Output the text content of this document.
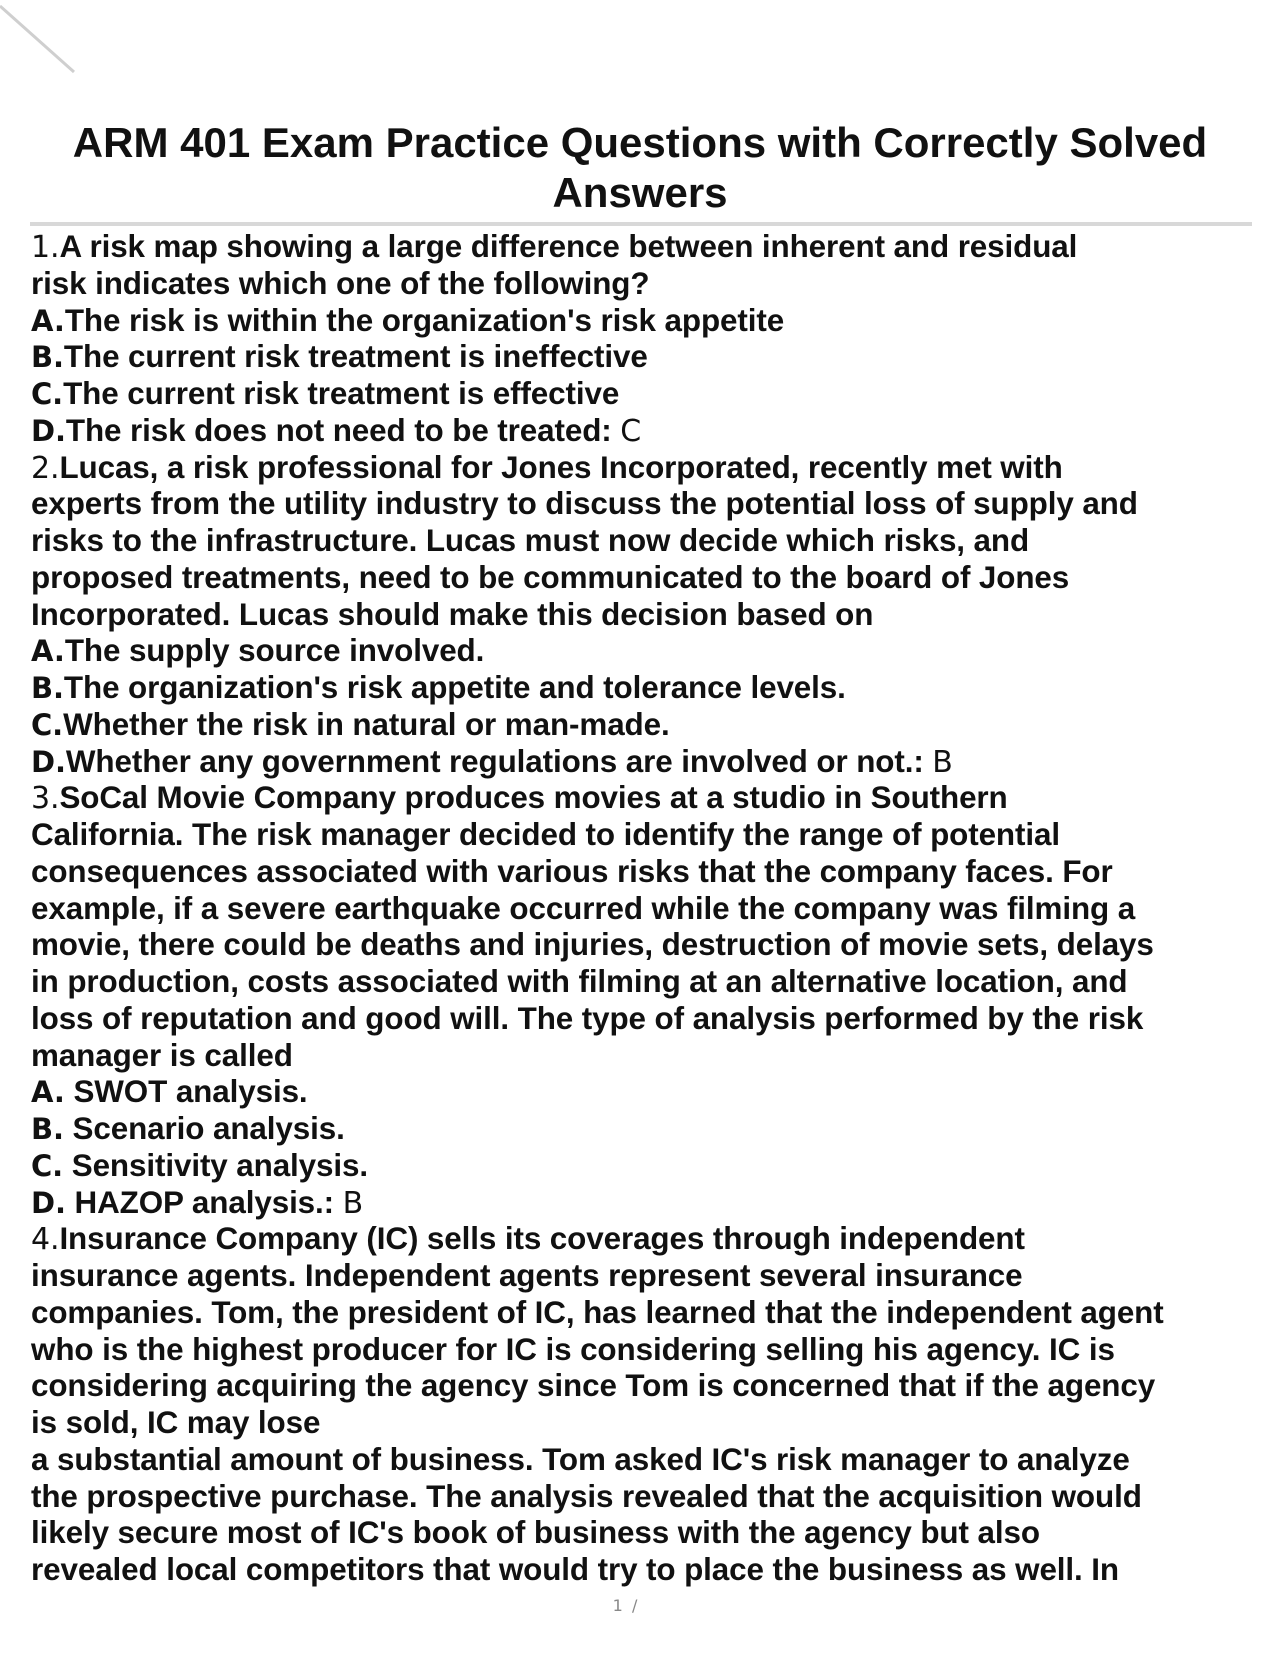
ARM 401 Exam Practice Questions with Correctly Solved Answers
1.A risk map showing a large difference between inherent and residual
risk indicates which one of the following?
A.The risk is within the organization's risk appetite
B.The current risk treatment is ineffective
C.The current risk treatment is effective
D.The risk does not need to be treated: C
2.Lucas, a risk professional for Jones Incorporated, recently met with
experts from the utility industry to discuss the potential loss of supply and
risks to the infrastructure. Lucas must now decide which risks, and
proposed treatments, need to be communicated to the board of Jones
Incorporated. Lucas should make this decision based on
A.The supply source involved.
B.The organization's risk appetite and tolerance levels.
C.Whether the risk in natural or man-made.
D.Whether any government regulations are involved or not.: B
3.SoCal Movie Company produces movies at a studio in Southern
California. The risk manager decided to identify the range of potential
consequences associated with various risks that the company faces. For
example, if a severe earthquake occurred while the company was filming a
movie, there could be deaths and injuries, destruction of movie sets, delays
in production, costs associated with filming at an alternative location, and
loss of reputation and good will. The type of analysis performed by the risk
manager is called
A. SWOT analysis.
B. Scenario analysis.
C. Sensitivity analysis.
D. HAZOP analysis.: B
4.Insurance Company (IC) sells its coverages through independent
insurance agents. Independent agents represent several insurance
companies. Tom, the president of IC, has learned that the independent agent
who is the highest producer for IC is considering selling his agency. IC is
considering acquiring the agency since Tom is concerned that if the agency
is sold, IC may lose
a substantial amount of business. Tom asked IC's risk manager to analyze
the prospective purchase. The analysis revealed that the acquisition would
likely secure most of IC's book of business with the agency but also
revealed local competitors that would try to place the business as well. In
1 /
